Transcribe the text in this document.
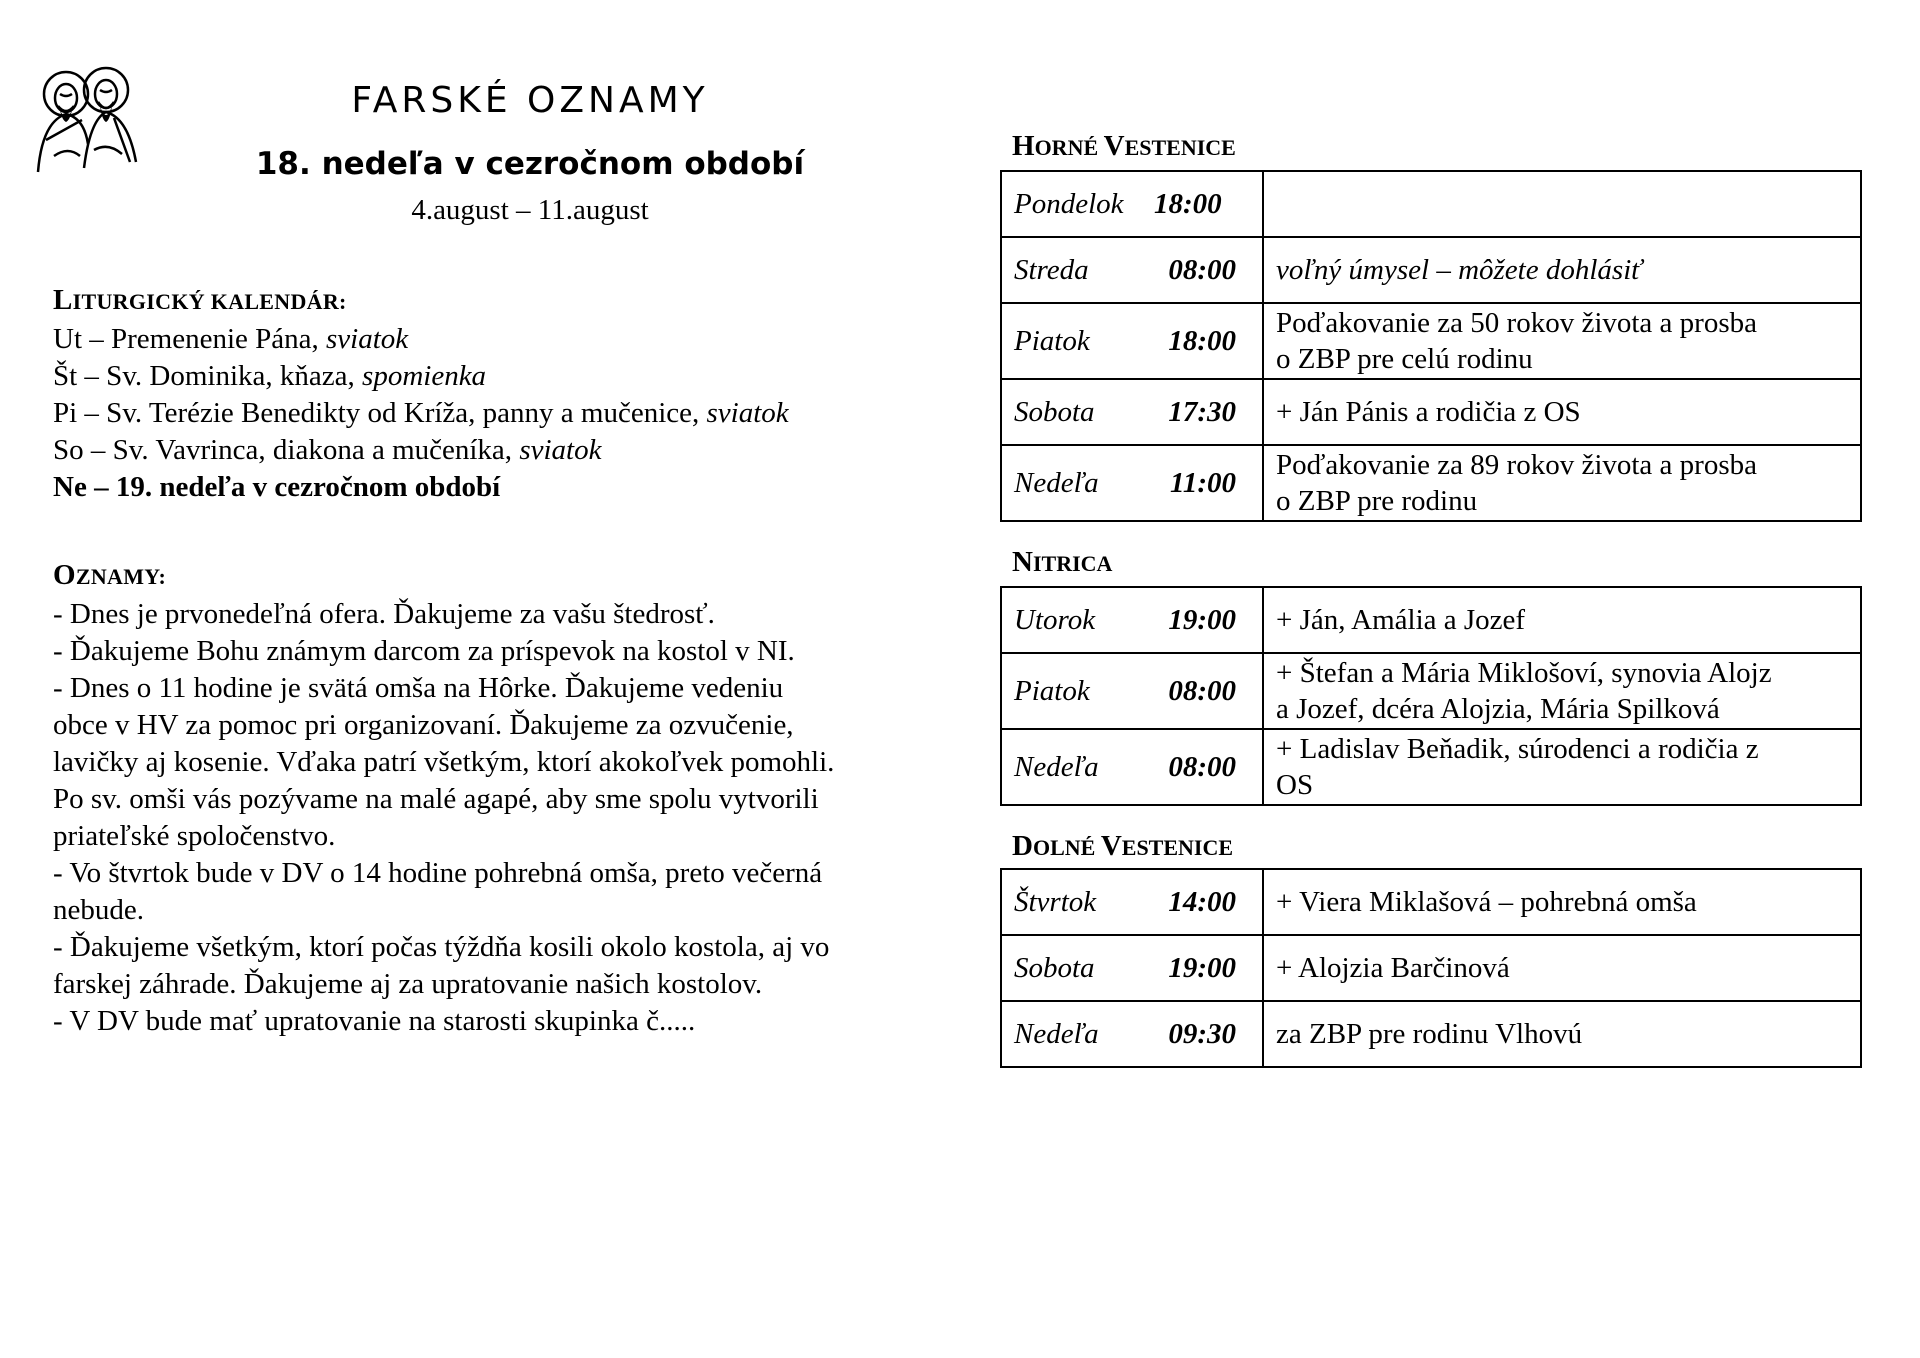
FARSKÉ OZNAMY
18. nedeľa v cezročnom období
4.august – 11.august
LITURGICKÝ KALENDÁR:
Ut – Premenenie Pána, sviatok
Št – Sv. Dominika, kňaza, spomienka
Pi – Sv. Terézie Benedikty od Kríža, panny a mučenice, sviatok
So – Sv. Vavrinca, diakona a mučeníka, sviatok
Ne – 19. nedeľa v cezročnom období
OZNAMY:
- Dnes je prvonedeľná ofera. Ďakujeme za vašu štedrosť.
- Ďakujeme Bohu známym darcom za príspevok na kostol v NI.
- Dnes o 11 hodine je svätá omša na Hôrke. Ďakujeme vedeniu
obce v HV za pomoc pri organizovaní. Ďakujeme za ozvučenie,
lavičky aj kosenie. Vďaka patrí všetkým, ktorí akokoľvek pomohli.
Po sv. omši vás pozývame na malé agapé, aby sme spolu vytvorili
priateľské spoločenstvo.
- Vo štvrtok bude v DV o 14 hodine pohrebná omša, preto večerná
nebude.
- Ďakujeme všetkým, ktorí počas týždňa kosili okolo kostola, aj vo
farskej záhrade. Ďakujeme aj za upratovanie našich kostolov.
- V DV bude mať upratovanie na starosti skupinka č.....
HORNÉ VESTENICE
Pondelok 18:00	
Streda 08:00	voľný úmysel – môžete dohlásiť
Piatok 18:00	Poďakovanie za 50 rokov života a prosba
o ZBP pre celú rodinu

Sobota 17:30	+ Ján Pánis a rodičia z OS
Nedeľa 11:00	Poďakovanie za 89 rokov života a prosba
o ZBP pre rodinu
NITRICA
Utorok 19:00	+ Ján, Amália a Jozef
Piatok 08:00	+ Štefan a Mária Miklošoví, synovia Alojz
a Jozef, dcéra Alojzia, Mária Spilková

Nedeľa 08:00	+ Ladislav Beňadik, súrodenci a rodičia z
OS
DOLNÉ VESTENICE
Štvrtok 14:00	+ Viera Miklašová – pohrebná omša
Sobota 19:00	+ Alojzia Barčinová
Nedeľa 09:30	za ZBP pre rodinu Vlhovú
